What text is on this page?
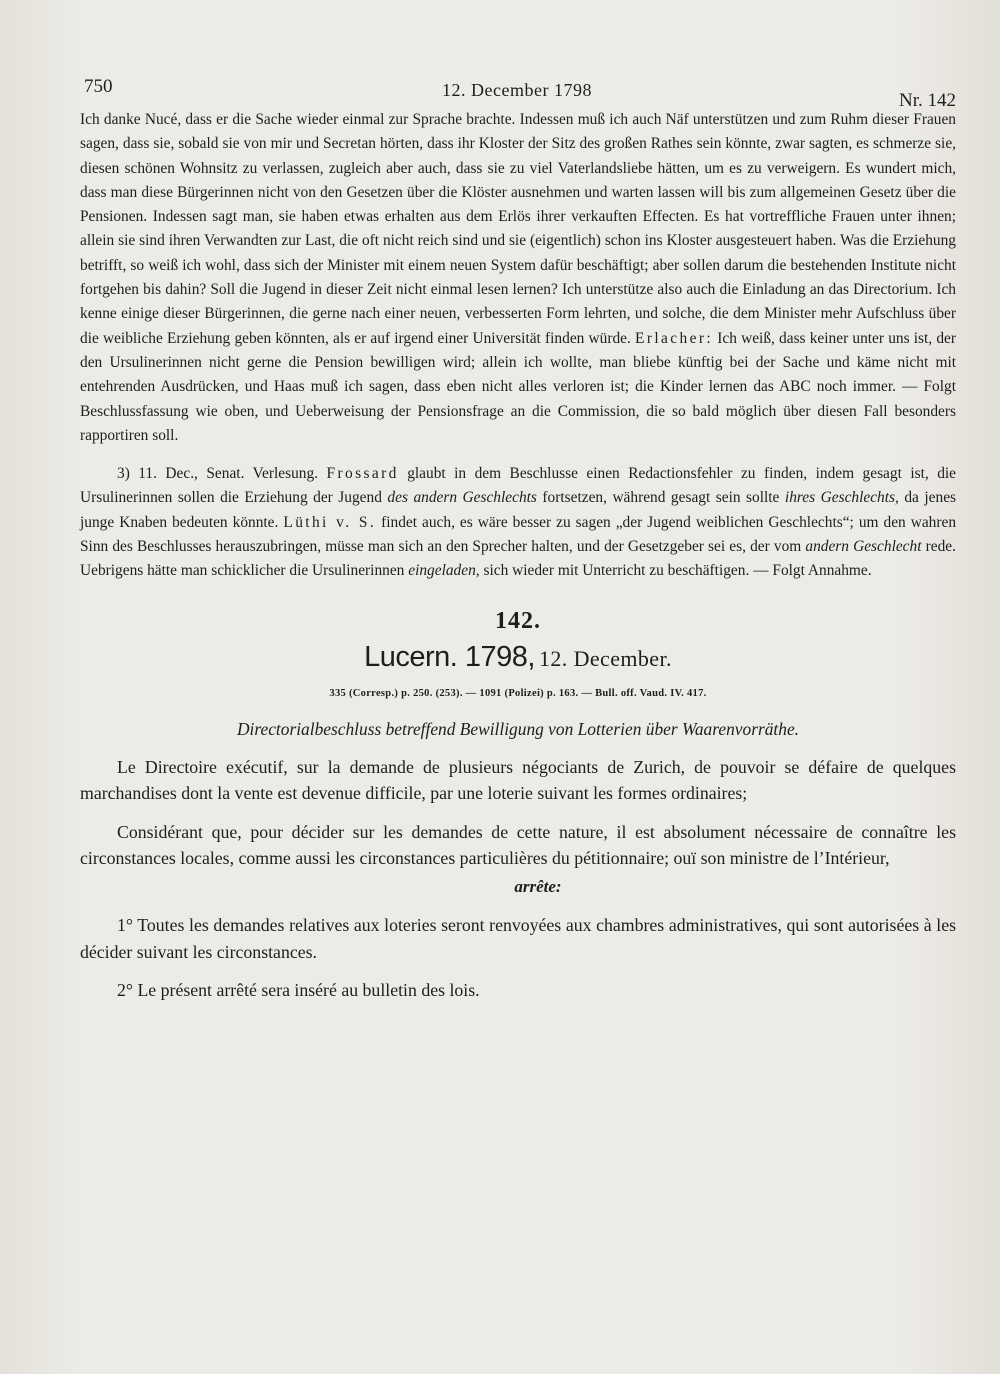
750	12. December 1798	Nr. 142

Ich danke Nucé, dass er die Sache wieder einmal zur Sprache brachte. Indessen muß ich auch Näf unterstützen und zum Ruhm dieser Frauen sagen, dass sie, sobald sie von mir und Secretan hörten, dass ihr Kloster der Sitz des großen Rathes sein könnte, zwar sagten, es schmerze sie, diesen schönen Wohnsitz zu verlassen, zugleich aber auch, dass sie zu viel Vaterlandsliebe hätten, um es zu verweigern. Es wundert mich, dass man diese Bürgerinnen nicht von den Gesetzen über die Klöster ausnehmen und warten lassen will bis zum allgemeinen Gesetz über die Pensionen. Indessen sagt man, sie haben etwas erhalten aus dem Erlös ihrer verkauften Effecten. Es hat vortreffliche Frauen unter ihnen; allein sie sind ihren Verwandten zur Last, die oft nicht reich sind und sie (eigentlich) schon ins Kloster ausgesteuert haben. Was die Erziehung betrifft, so weiß ich wohl, dass sich der Minister mit einem neuen System dafür beschäftigt; aber sollen darum die bestehenden Institute nicht fortgehen bis dahin? Soll die Jugend in dieser Zeit nicht einmal lesen lernen? Ich unterstütze also auch die Einladung an das Directorium. Ich kenne einige dieser Bürgerinnen, die gerne nach einer neuen, verbesserten Form lehrten, und solche, die dem Minister mehr Aufschluss über die weibliche Erziehung geben könnten, als er auf irgend einer Universität finden würde. Erlacher: Ich weiß, dass keiner unter uns ist, der den Ursulinerinnen nicht gerne die Pension bewilligen wird; allein ich wollte, man bliebe künftig bei der Sache und käme nicht mit entehrenden Ausdrücken, und Haas muß ich sagen, dass eben nicht alles verloren ist; die Kinder lernen das ABC noch immer. — Folgt Beschlussfassung wie oben, und Ueberweisung der Pensionsfrage an die Commission, die so bald möglich über diesen Fall besonders rapportiren soll.

3) 11. Dec., Senat. Verlesung. Frossard glaubt in dem Beschlusse einen Redactionsfehler zu finden, indem gesagt ist, die Ursulinerinnen sollen die Erziehung der Jugend des andern Geschlechts fortsetzen, während gesagt sein sollte ihres Geschlechts, da jenes junge Knaben bedeuten könnte. Lüthi v. S. findet auch, es wäre besser zu sagen „der Jugend weiblichen Geschlechts“; um den wahren Sinn des Beschlusses herauszubringen, müsse man sich an den Sprecher halten, und der Gesetzgeber sei es, der vom andern Geschlecht rede. Uebrigens hätte man schicklicher die Ursulinerinnen eingeladen, sich wieder mit Unterricht zu beschäftigen. — Folgt Annahme.

142.
Lucern. 1798, 12. December.
335 (Corresp.) p. 250. (253). — 1091 (Polizei) p. 163. — Bull. off. Vaud. IV. 417.
Directorialbeschluss betreffend Bewilligung von Lotterien über Waarenvorräthe.

Le Directoire exécutif, sur la demande de plusieurs négociants de Zurich, de pouvoir se défaire de quelques marchandises dont la vente est devenue difficile, par une loterie suivant les formes ordinaires;

Considérant que, pour décider sur les demandes de cette nature, il est absolument nécessaire de connaître les circonstances locales, comme aussi les circonstances particulières du pétitionnaire; ouï son ministre de l’Intérieur,

arrête:

1° Toutes les demandes relatives aux loteries seront renvoyées aux chambres administratives, qui sont autorisées à les décider suivant les circonstances.

2° Le présent arrêté sera inséré au bulletin des lois.
